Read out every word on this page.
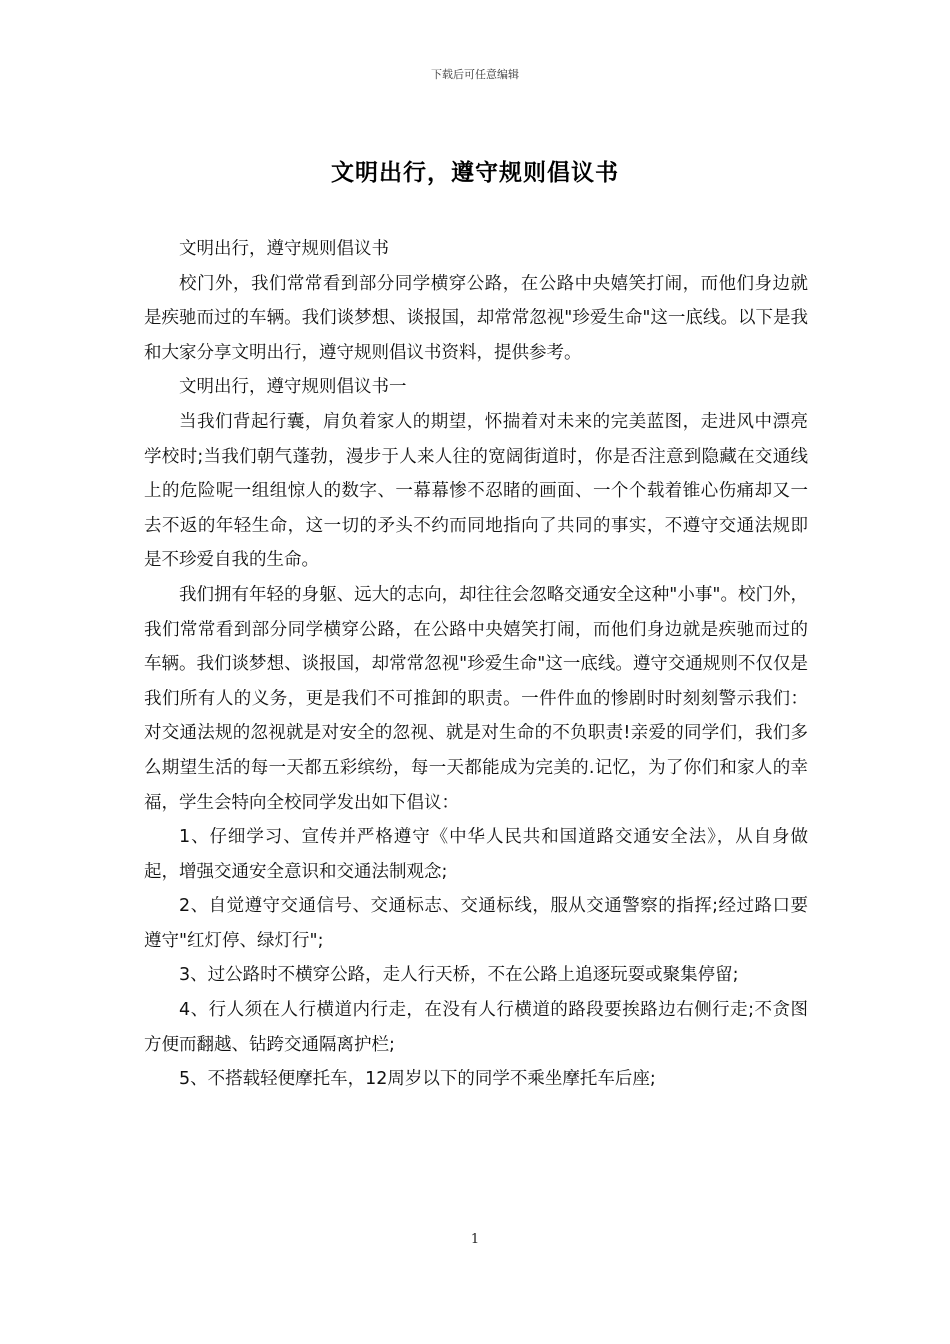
下载后可任意编辑
文明出行，遵守规则倡议书

文明出行，遵守规则倡议书

校门外，我们常常看到部分同学横穿公路，在公路中央嬉笑打闹，而他们身边就是疾驰而过的车辆。我们谈梦想、谈报国，却常常忽视"珍爱生命"这一底线。以下是我和大家分享文明出行，遵守规则倡议书资料，提供参考。

文明出行，遵守规则倡议书一

当我们背起行囊，肩负着家人的期望，怀揣着对未来的完美蓝图，走进风中漂亮学校时;当我们朝气蓬勃，漫步于人来人往的宽阔街道时，你是否注意到隐藏在交通线上的危险呢一组组惊人的数字、一幕幕惨不忍睹的画面、一个个载着锥心伤痛却又一去不返的年轻生命，这一切的矛头不约而同地指向了共同的事实，不遵守交通法规即是不珍爱自我的生命。

我们拥有年轻的身躯、远大的志向，却往往会忽略交通安全这种"小事"。校门外，我们常常看到部分同学横穿公路，在公路中央嬉笑打闹，而他们身边就是疾驰而过的车辆。我们谈梦想、谈报国，却常常忽视"珍爱生命"这一底线。遵守交通规则不仅仅是我们所有人的义务，更是我们不可推卸的职责。一件件血的惨剧时时刻刻警示我们：对交通法规的忽视就是对安全的忽视、就是对生命的不负职责!亲爱的同学们，我们多么期望生活的每一天都五彩缤纷，每一天都能成为完美的.记忆，为了你们和家人的幸福，学生会特向全校同学发出如下倡议：

1、仔细学习、宣传并严格遵守《中华人民共和国道路交通安全法》，从自身做起，增强交通安全意识和交通法制观念;

2、自觉遵守交通信号、交通标志、交通标线，服从交通警察的指挥;经过路口要遵守"红灯停、绿灯行";

3、过公路时不横穿公路，走人行天桥，不在公路上追逐玩耍或聚集停留;

4、行人须在人行横道内行走，在没有人行横道的路段要挨路边右侧行走;不贪图方便而翻越、钻跨交通隔离护栏;

5、不搭载轻便摩托车，12周岁以下的同学不乘坐摩托车后座;

1
